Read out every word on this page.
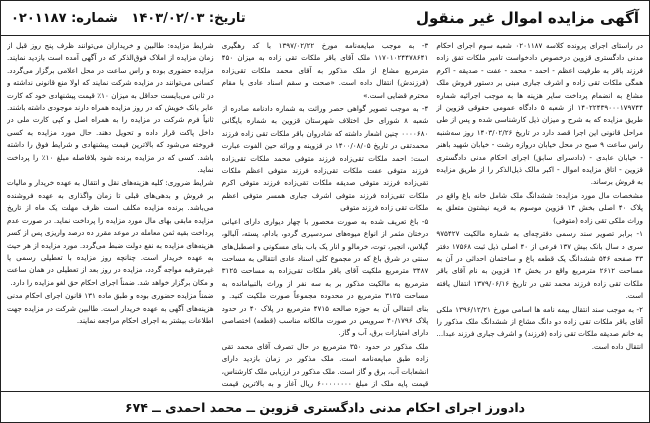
آگهی مزایده اموال غیر منقول
تاریخ: ۱۴۰۳/۰۲/۰۳   شماره: ۰۲۰۱۱۸۷

در راستای اجرای پرونده کلاسه ۰۲۰۱۱۸۷ شعبه سوم اجرای احکام مدنی دادگستری قزوین درخصوص دادخواست تامیر ملکات تفق زاده فرزند باقر به طرفیت اعظم - احمد - محمد - عفت - صدیقه - اکرم همگی ملکات تقی زاده و اشرف جباری مبنی بر دستور فروش ملک مشاع به انضمام پرداخت سایر هزینه ها به موجب اجرائیه شماره ۱۴۰۲۲۴۳۹۰۰۰۱۷۹۷۴۴ از شعبه ۵ دادگاه عمومی حقوقی قزوین از طریق مزایده که به شرح و میزان ذیل کارشناسی شده و پس از طی مراحل قانونی این اجرا قصد دارد در تاریخ ۱۴۰۳/۰۲/۲۶ روز سه‌شنبه راس ساعت ۹ صبح در محل خیابان دروازه رشت - خیابان شهید باهنر - خیابان عابدی - (دادسرای سابق) اجرای احکام مدنی دادگستری قزوین - اتاق مزایده اموال - اکبر مالک ذیل‌الذکر را از طریق مزایده به فروش برساند.

مشخصات مال مورد مزایده: ششدانگ ملک شامل خانه باغ واقع در پلاک ۴۰ اصلی بخش ۱۴ قزوین موسوم به قریه نیشتون متعلق به وراث ملکی تقی زاده (متوفی)

۱- برابر تصویر سند رسمی دفترچه‌ای به شماره مالکیت ۹۷۵۴۲۷ سری د سال بانک بیش ۱۳۷ فرعی از ۴۰ اصلی ذیل ثبت ۱۷۵۶۸ دفتر ۴۳ صفحه ۵۴۶ ششدانگ یک قطعه باغ و ساختمان احداثی در آن به مساحت ۲۶۱۲ مترمربع واقع در بخش ۱۴ قزوین به نام آقای باقر ملکات تقی زاده فرزند محمد تقی در تاریخ ۱۳۷۹/۰۶/۱۶ انتقال یافته است.

۲- به موجب سند انتقال بیمه نامه ها اسامی مورخ ۱۳۹۶/۱۲/۲۱ ملکی آقای باقر ملکات تقی زاده دو دانگ مشاع از ششدانگ ملک مذکور را به خانم صدیقه ملکات تقی زاده (فرزند) و اشرف جباری فرزند عبدا... انتقال داده است.

۳- به موجب مبایعه‌نامه مورخ ۱۳۹۷/۰۲/۲۲ با کد رهگیری ۱۱۷۰۱۰۲۴۴۷۸۶۴۱ ملک آقای باقر ملکات تقی زاده به میزان ۴۵۰ مترمربع مشاع از ملک مذکور به آقای محمد ملکات تقی‌زاده (فرزندش) انتقال داده است. «صحت و سقم اسناد عادی با مقام محترم قضایی است.»

۴- به موجب تصویر گواهی حصر وراثت به شماره دادنامه صادره از شعبه ۸ شورای حل اختلاف شهرستان قزوین به شماره بایگانی ۰۰۰۰۶۸۰ چنین اشعار داشته که شادروان باقر ملکات تقی زاده فرزند محمدتقی در تاریخ ۱۴۰۰/۰۸/۰۵ در قزوینه و وراثه حین الفوت عبارت است: احمد ملکات تقی‌زاده فرزند متوفی محمد ملکات تقی‌زاده فرزند متوفی عفت ملکات تقی‌زاده فرزند متوفی اعظم ملکات تقی‌زاده فرزند متوفی صدیقه ملکات تقی‌زاده فرزند متوفی اکرم ملکات تقی‌زاده فرزند متوفی اشرف جباری همسر متوفی اعظم ملکات تقی زاده فرزند متوفی

۵- باغ تعریف شده به صورت محصور با چهار دیواری دارای اعیانی درختان مثمر از انواع میوه‌های سردسیری گردو، بادام، پسته، آلبالو، گیلاس، انجیر، توت، خرمالو و انار یک باب بنای مسکونی و اصطبل‌های سنتی در شرق باغ که در مجموع کلی اسناد عادی انتقالی به مساحت ۳۴۸۷ مترمربع ملکیت آقای باقر ملکات تقی‌زاده به مساحت ۳۱۲۵ مترمربع به مالکیت مذکور بر به سه نفر از وراث بالنبیامانده به مساحت ۳۱۲۵ مترمربع در محدوده مجموعاً صورت ملکیت کنید. و بنای انتقالی آن به حوزه صالحه ۴۷۱۵ مترمربع در پلاک ۴۰ در حدود پلاک ۴۰/۱۷۹۶ سرویس در صورت مالکانه مناسب (قطعه) اختصاصی دارای امتیازات برق، آب و گاز.

ملک مذکور در حدود ۳۵۰ مترمربع در حال تصرف آقای محمد تقی زاده طبق مبایعه‌نامه است. ملک مذکور در زمان بازدید دارای انشعابات آب، برق و گاز است. ملک مذکور در ارزیابی ملک کارشناس، قیمت پایه ملک از مبلغ ۶۰۰۰۰۰۰۰۰ ریال آغاز و به بالاترین قیمت

شرایط مزایده: طالبین و خریداران می‌توانند ظرف پنج روز قبل از زمان مزایده از املاک فوق‌الذکر که در آگهی آمده است بازدید نمایند. مزایده حضوری بوده و راس ساعت در محل اعلامی برگزار می‌گردد. کسانی می‌توانند در مزایده شرکت نمایند که اولا منع قانونی نداشته و در ثانی می‌بایست حداقل به میزان ۱۰٪ قیمت پیشنهادی خود که کارت عابر بانک خویش که در روز مزایده همراه دارند موجودی داشته باشند. ثانیاً فرم شرکت در مزایده را به همراه اصل و کپی کارت ملی در داخل پاکت قرار داده و تحویل دهند. حال مورد مزایده به کسی فروخته می‌شود که بالاترین قیمت پیشنهادی و شرایط فوق را داشته باشد. کسی که در مزایده برنده شود بلافاصله مبلغ ۱۰٪ را پرداخت نماید.

شرایط ضروری: کلیه هزینه‌های نقل و انتقال به عهده خریدار و مالیات بر فروش و بدهی‌های قبلی تا زمان واگذاری به عهده فروشنده می‌باشد. برنده مزایده مکلف است ظرف مهلت یک ماه از تاریخ مزایده مابقی بهای مال مورد مزایده را پرداخت نماید. در صورت عدم پرداخت بقیه ثمن معامله در موعد مقرر ده درصد واریزی پس از کسر هزینه‌های مزایده به نفع دولت ضبط می‌گردد. مورد مزایده از هر حیث به عهده خریدار است. چنانچه روز مزایده با تعطیلی رسمی یا غیرمترقبه مواجه گردد، مزایده در روز بعد از تعطیلی در همان ساعت و مکان برگزار خواهد شد. ضمناً اجرای احکام حق لغو مزایده را دارد.

ضمناً مزایده حضوری بوده و طبق ماده ۱۳۱ قانون اجرای احکام مدنی هزینه‌های آگهی به عهده خریدار است. طالبین شرکت در مزایده جهت اطلاعات بیشتر به اجرای احکام مراجعه نمایند.

دادورز اجرای احکام مدنی دادگستری قزوین ــ محمد احمدی ــ ۶۷۴
